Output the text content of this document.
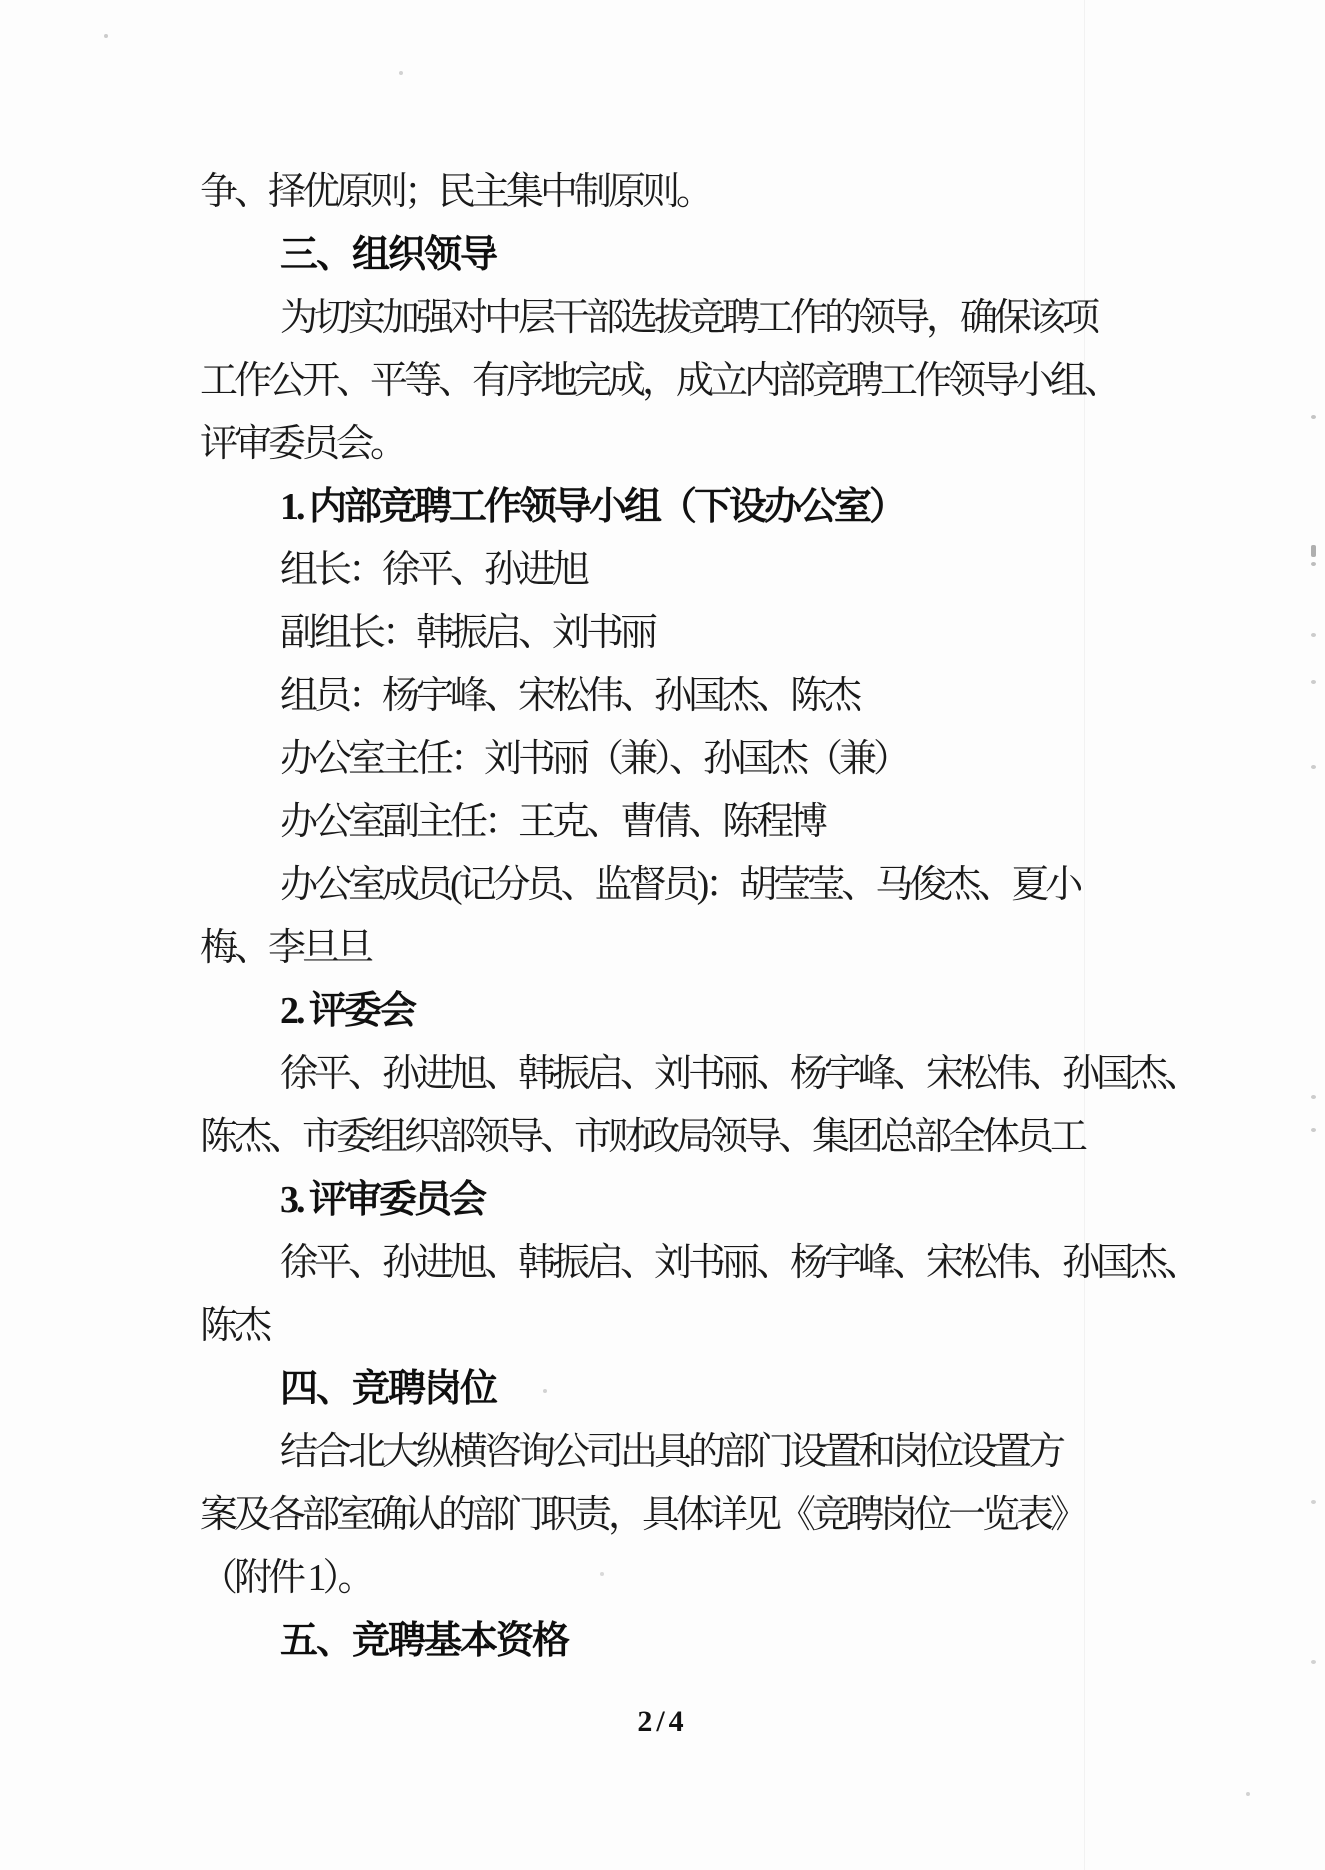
争、择优原则；民主集中制原则。
三、组织领导
为切实加强对中层干部选拔竞聘工作的领导，确保该项
工作公开、平等、有序地完成，成立内部竞聘工作领导小组、
评审委员会。
1. 内部竞聘工作领导小组（下设办公室）
组长：徐平、孙进旭
副组长：韩振启、刘书丽
组员：杨宇峰、宋松伟、孙国杰、陈杰
办公室主任：刘书丽（兼）、孙国杰（兼）
办公室副主任：王克、曹倩、陈程博
办公室成员(记分员、监督员)：胡莹莹、马俊杰、夏小
梅、李旦旦
2. 评委会
徐平、孙进旭、韩振启、刘书丽、杨宇峰、宋松伟、孙国杰、
陈杰、市委组织部领导、市财政局领导、集团总部全体员工
3. 评审委员会
徐平、孙进旭、韩振启、刘书丽、杨宇峰、宋松伟、孙国杰、
陈杰
四、竞聘岗位
结合北大纵横咨询公司出具的部门设置和岗位设置方
案及各部室确认的部门职责，具体详见《竞聘岗位一览表》
（附件 1）。
五、竞聘基本资格
2/4
